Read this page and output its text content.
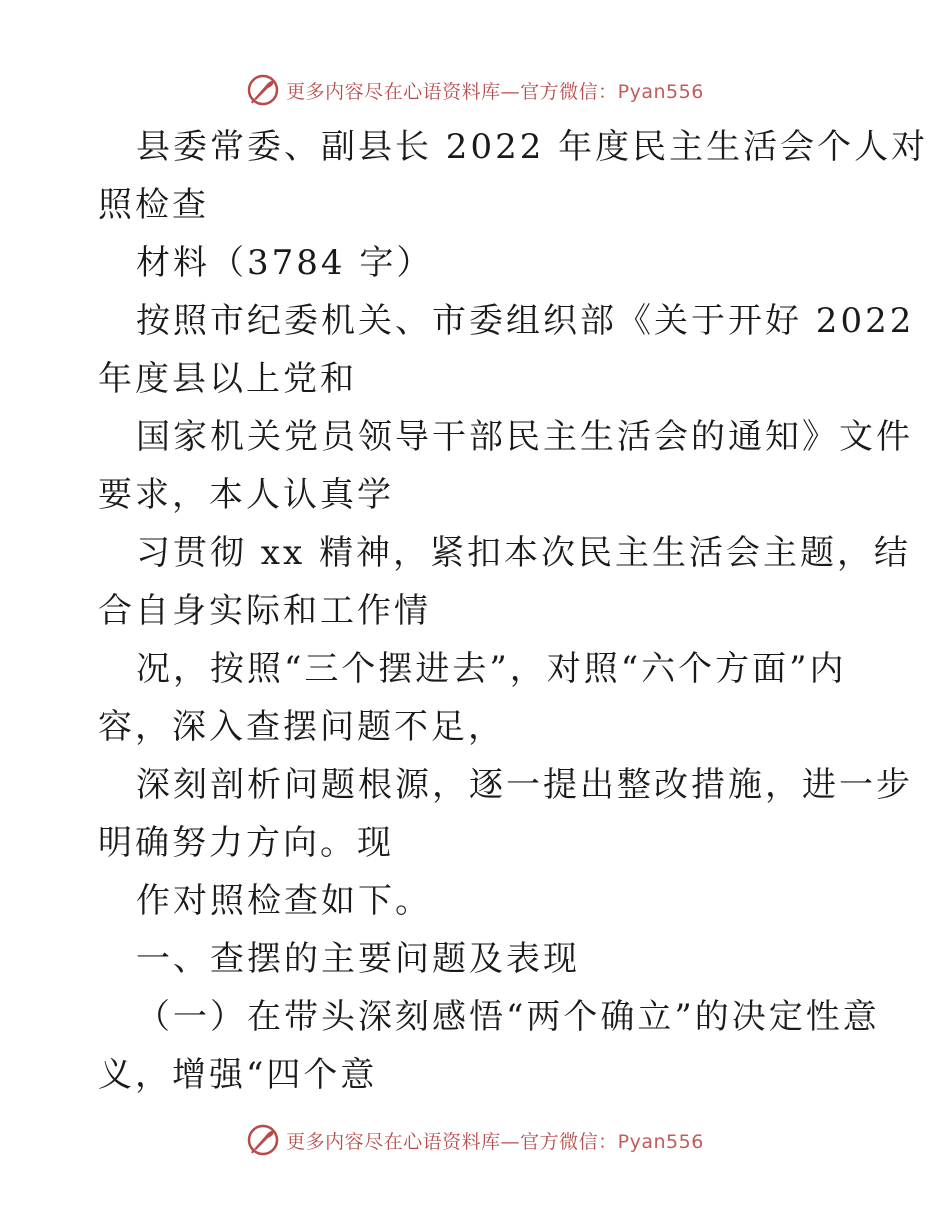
更多内容尽在心语资料库—官方微信：Pyan556
县委常委、副县长 2022 年度民主生活会个人对
照检查
材料（3784 字）
按照市纪委机关、市委组织部《关于开好 2022
年度县以上党和
国家机关党员领导干部民主生活会的通知》文件
要求，本人认真学
习贯彻 xx 精神，紧扣本次民主生活会主题，结
合自身实际和工作情
况，按照“三个摆进去”，对照“六个方面”内
容，深入查摆问题不足，
深刻剖析问题根源，逐一提出整改措施，进一步
明确努力方向。现
作对照检查如下。
一、查摆的主要问题及表现
（一）在带头深刻感悟“两个确立”的决定性意
义，增强“四个意
更多内容尽在心语资料库—官方微信：Pyan556
